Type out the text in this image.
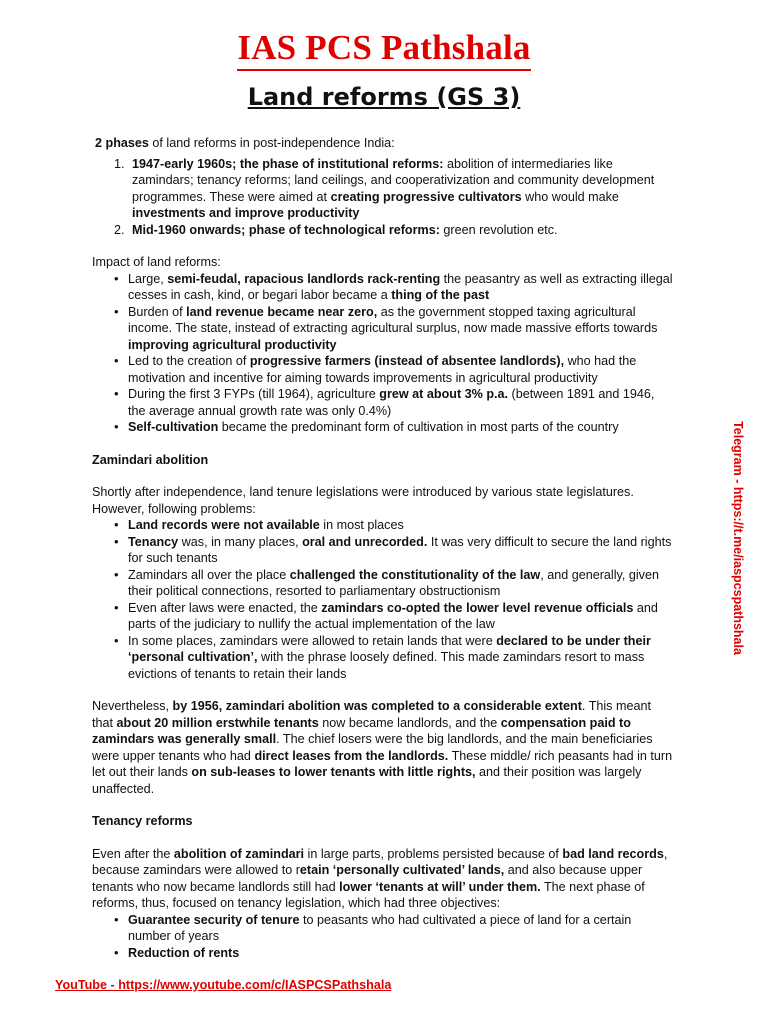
IAS PCS Pathshala
Land reforms (GS 3)

2 phases of land reforms in post-independence India:

1. 1947-early 1960s; the phase of institutional reforms: abolition of intermediaries like zamindars; tenancy reforms; land ceilings, and cooperativization and community development programmes. These were aimed at creating progressive cultivators who would make investments and improve productivity
2. Mid-1960 onwards; phase of technological reforms: green revolution etc.

Impact of land reforms:

• Large, semi-feudal, rapacious landlords rack-renting the peasantry as well as extracting illegal cesses in cash, kind, or begari labor became a thing of the past
• Burden of land revenue became near zero, as the government stopped taxing agricultural income. The state, instead of extracting agricultural surplus, now made massive efforts towards improving agricultural productivity
• Led to the creation of progressive farmers (instead of absentee landlords), who had the motivation and incentive for aiming towards improvements in agricultural productivity
• During the first 3 FYPs (till 1964), agriculture grew at about 3% p.a. (between 1891 and 1946, the average annual growth rate was only 0.4%)
• Self-cultivation became the predominant form of cultivation in most parts of the country

Zamindari abolition

Shortly after independence, land tenure legislations were introduced by various state legislatures. However, following problems:

• Land records were not available in most places
• Tenancy was, in many places, oral and unrecorded. It was very difficult to secure the land rights for such tenants
• Zamindars all over the place challenged the constitutionality of the law, and generally, given their political connections, resorted to parliamentary obstructionism
• Even after laws were enacted, the zamindars co-opted the lower level revenue officials and parts of the judiciary to nullify the actual implementation of the law
• In some places, zamindars were allowed to retain lands that were declared to be under their ‘personal cultivation’, with the phrase loosely defined. This made zamindars resort to mass evictions of tenants to retain their lands

Nevertheless, by 1956, zamindari abolition was completed to a considerable extent. This meant that about 20 million erstwhile tenants now became landlords, and the compensation paid to zamindars was generally small. The chief losers were the big landlords, and the main beneficiaries were upper tenants who had direct leases from the landlords. These middle/ rich peasants had in turn let out their lands on sub-leases to lower tenants with little rights, and their position was largely unaffected.

Tenancy reforms

Even after the abolition of zamindari in large parts, problems persisted because of bad land records, because zamindars were allowed to retain ‘personally cultivated’ lands, and also because upper tenants who now became landlords still had lower ‘tenants at will’ under them. The next phase of reforms, thus, focused on tenancy legislation, which had three objectives:

• Guarantee security of tenure to peasants who had cultivated a piece of land for a certain number of years
• Reduction of rents
Telegram - https://t.me/iaspcspathshala
YouTube - https://www.youtube.com/c/IASPCSPathshala
